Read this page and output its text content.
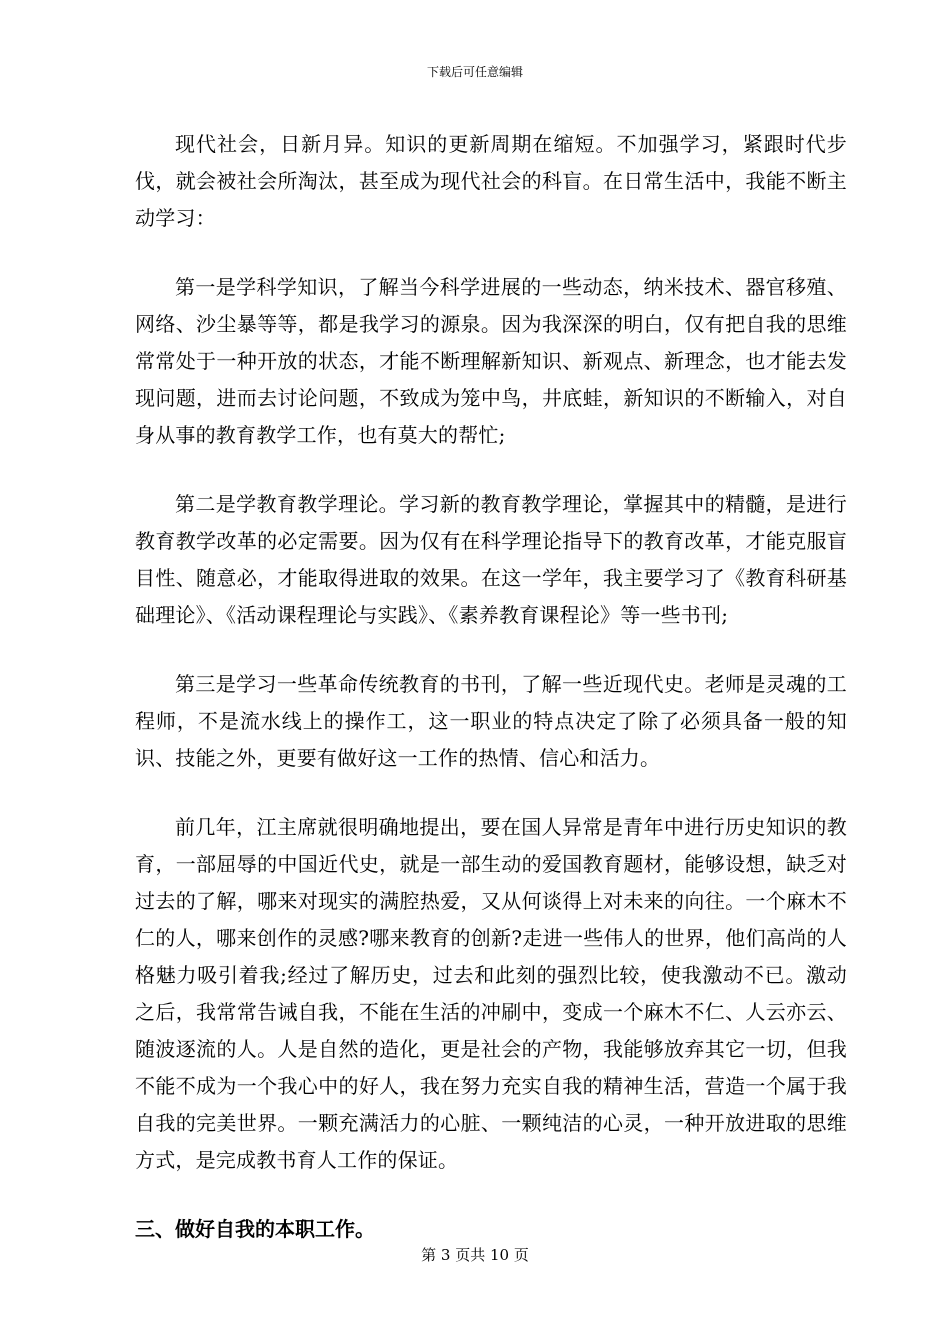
下载后可任意编辑

现代社会，日新月异。知识的更新周期在缩短。不加强学习，紧跟时代步伐，就会被社会所淘汰，甚至成为现代社会的科盲。在日常生活中，我能不断主动学习：

第一是学科学知识，了解当今科学进展的一些动态，纳米技术、器官移殖、网络、沙尘暴等等，都是我学习的源泉。因为我深深的明白，仅有把自我的思维常常处于一种开放的状态，才能不断理解新知识、新观点、新理念，也才能去发现问题，进而去讨论问题，不致成为笼中鸟，井底蛙，新知识的不断输入，对自身从事的教育教学工作，也有莫大的帮忙;

第二是学教育教学理论。学习新的教育教学理论，掌握其中的精髓，是进行教育教学改革的必定需要。因为仅有在科学理论指导下的教育改革，才能克服盲目性、随意必，才能取得进取的效果。在这一学年，我主要学习了《教育科研基础理论》、《活动课程理论与实践》、《素养教育课程论》等一些书刊;

第三是学习一些革命传统教育的书刊，了解一些近现代史。老师是灵魂的工程师，不是流水线上的操作工，这一职业的特点决定了除了必须具备一般的知识、技能之外，更要有做好这一工作的热情、信心和活力。

前几年，江主席就很明确地提出，要在国人异常是青年中进行历史知识的教育，一部屈辱的中国近代史，就是一部生动的爱国教育题材，能够设想，缺乏对过去的了解，哪来对现实的满腔热爱，又从何谈得上对未来的向往。一个麻木不仁的人，哪来创作的灵感?哪来教育的创新?走进一些伟人的世界，他们高尚的人格魅力吸引着我;经过了解历史，过去和此刻的强烈比较，使我激动不已。激动之后，我常常告诫自我，不能在生活的冲刷中，变成一个麻木不仁、人云亦云、随波逐流的人。人是自然的造化，更是社会的产物，我能够放弃其它一切，但我不能不成为一个我心中的好人，我在努力充实自我的精神生活，营造一个属于我自我的完美世界。一颗充满活力的心脏、一颗纯洁的心灵，一种开放进取的思维方式，是完成教书育人工作的保证。

三、做好自我的本职工作。

第 3 页共 10 页
